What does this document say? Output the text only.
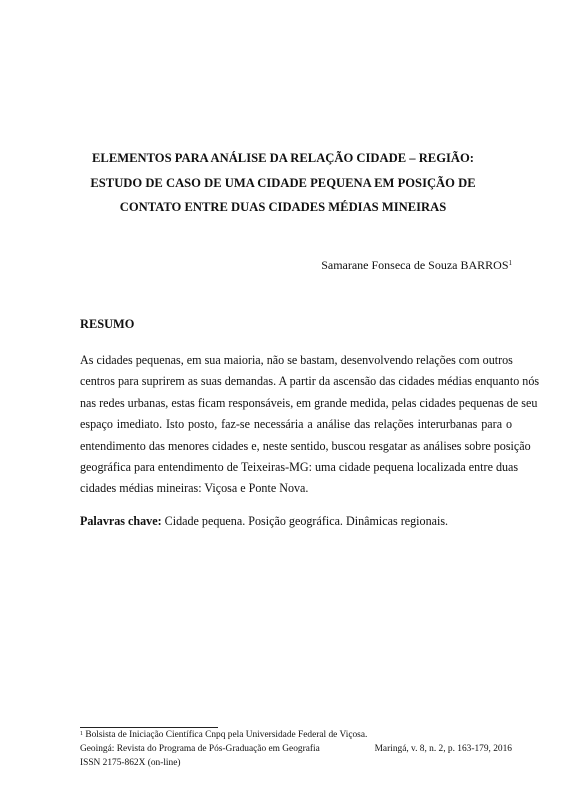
ELEMENTOS PARA ANÁLISE DA RELAÇÃO CIDADE – REGIÃO:
ESTUDO DE CASO DE UMA CIDADE PEQUENA EM POSIÇÃO DE
CONTATO ENTRE DUAS CIDADES MÉDIAS MINEIRAS
Samarane Fonseca de Souza BARROS$^1$
RESUMO

As cidades pequenas, em sua maioria, não se bastam, desenvolvendo relações com outros
centros para suprirem as suas demandas. A partir da ascensão das cidades médias enquanto nós
nas redes urbanas, estas ficam responsáveis, em grande medida, pelas cidades pequenas de seu
espaço imediato. Isto posto, faz-se necessária a análise das relações interurbanas para o
entendimento das menores cidades e, neste sentido, buscou resgatar as análises sobre posição
geográfica para entendimento de Teixeiras-MG: uma cidade pequena localizada entre duas
cidades médias mineiras: Viçosa e Ponte Nova.

Palavras chave: Cidade pequena. Posição geográfica. Dinâmicas regionais.

$^1$ Bolsista de Iniciação Científica Cnpq pela Universidade Federal de Viçosa.
Geoingá: Revista do Programa de Pós-Graduação em Geografia
ISSN 2175-862X (on-line)
Maringá, v. 8, n. 2, p. 163-179, 2016
